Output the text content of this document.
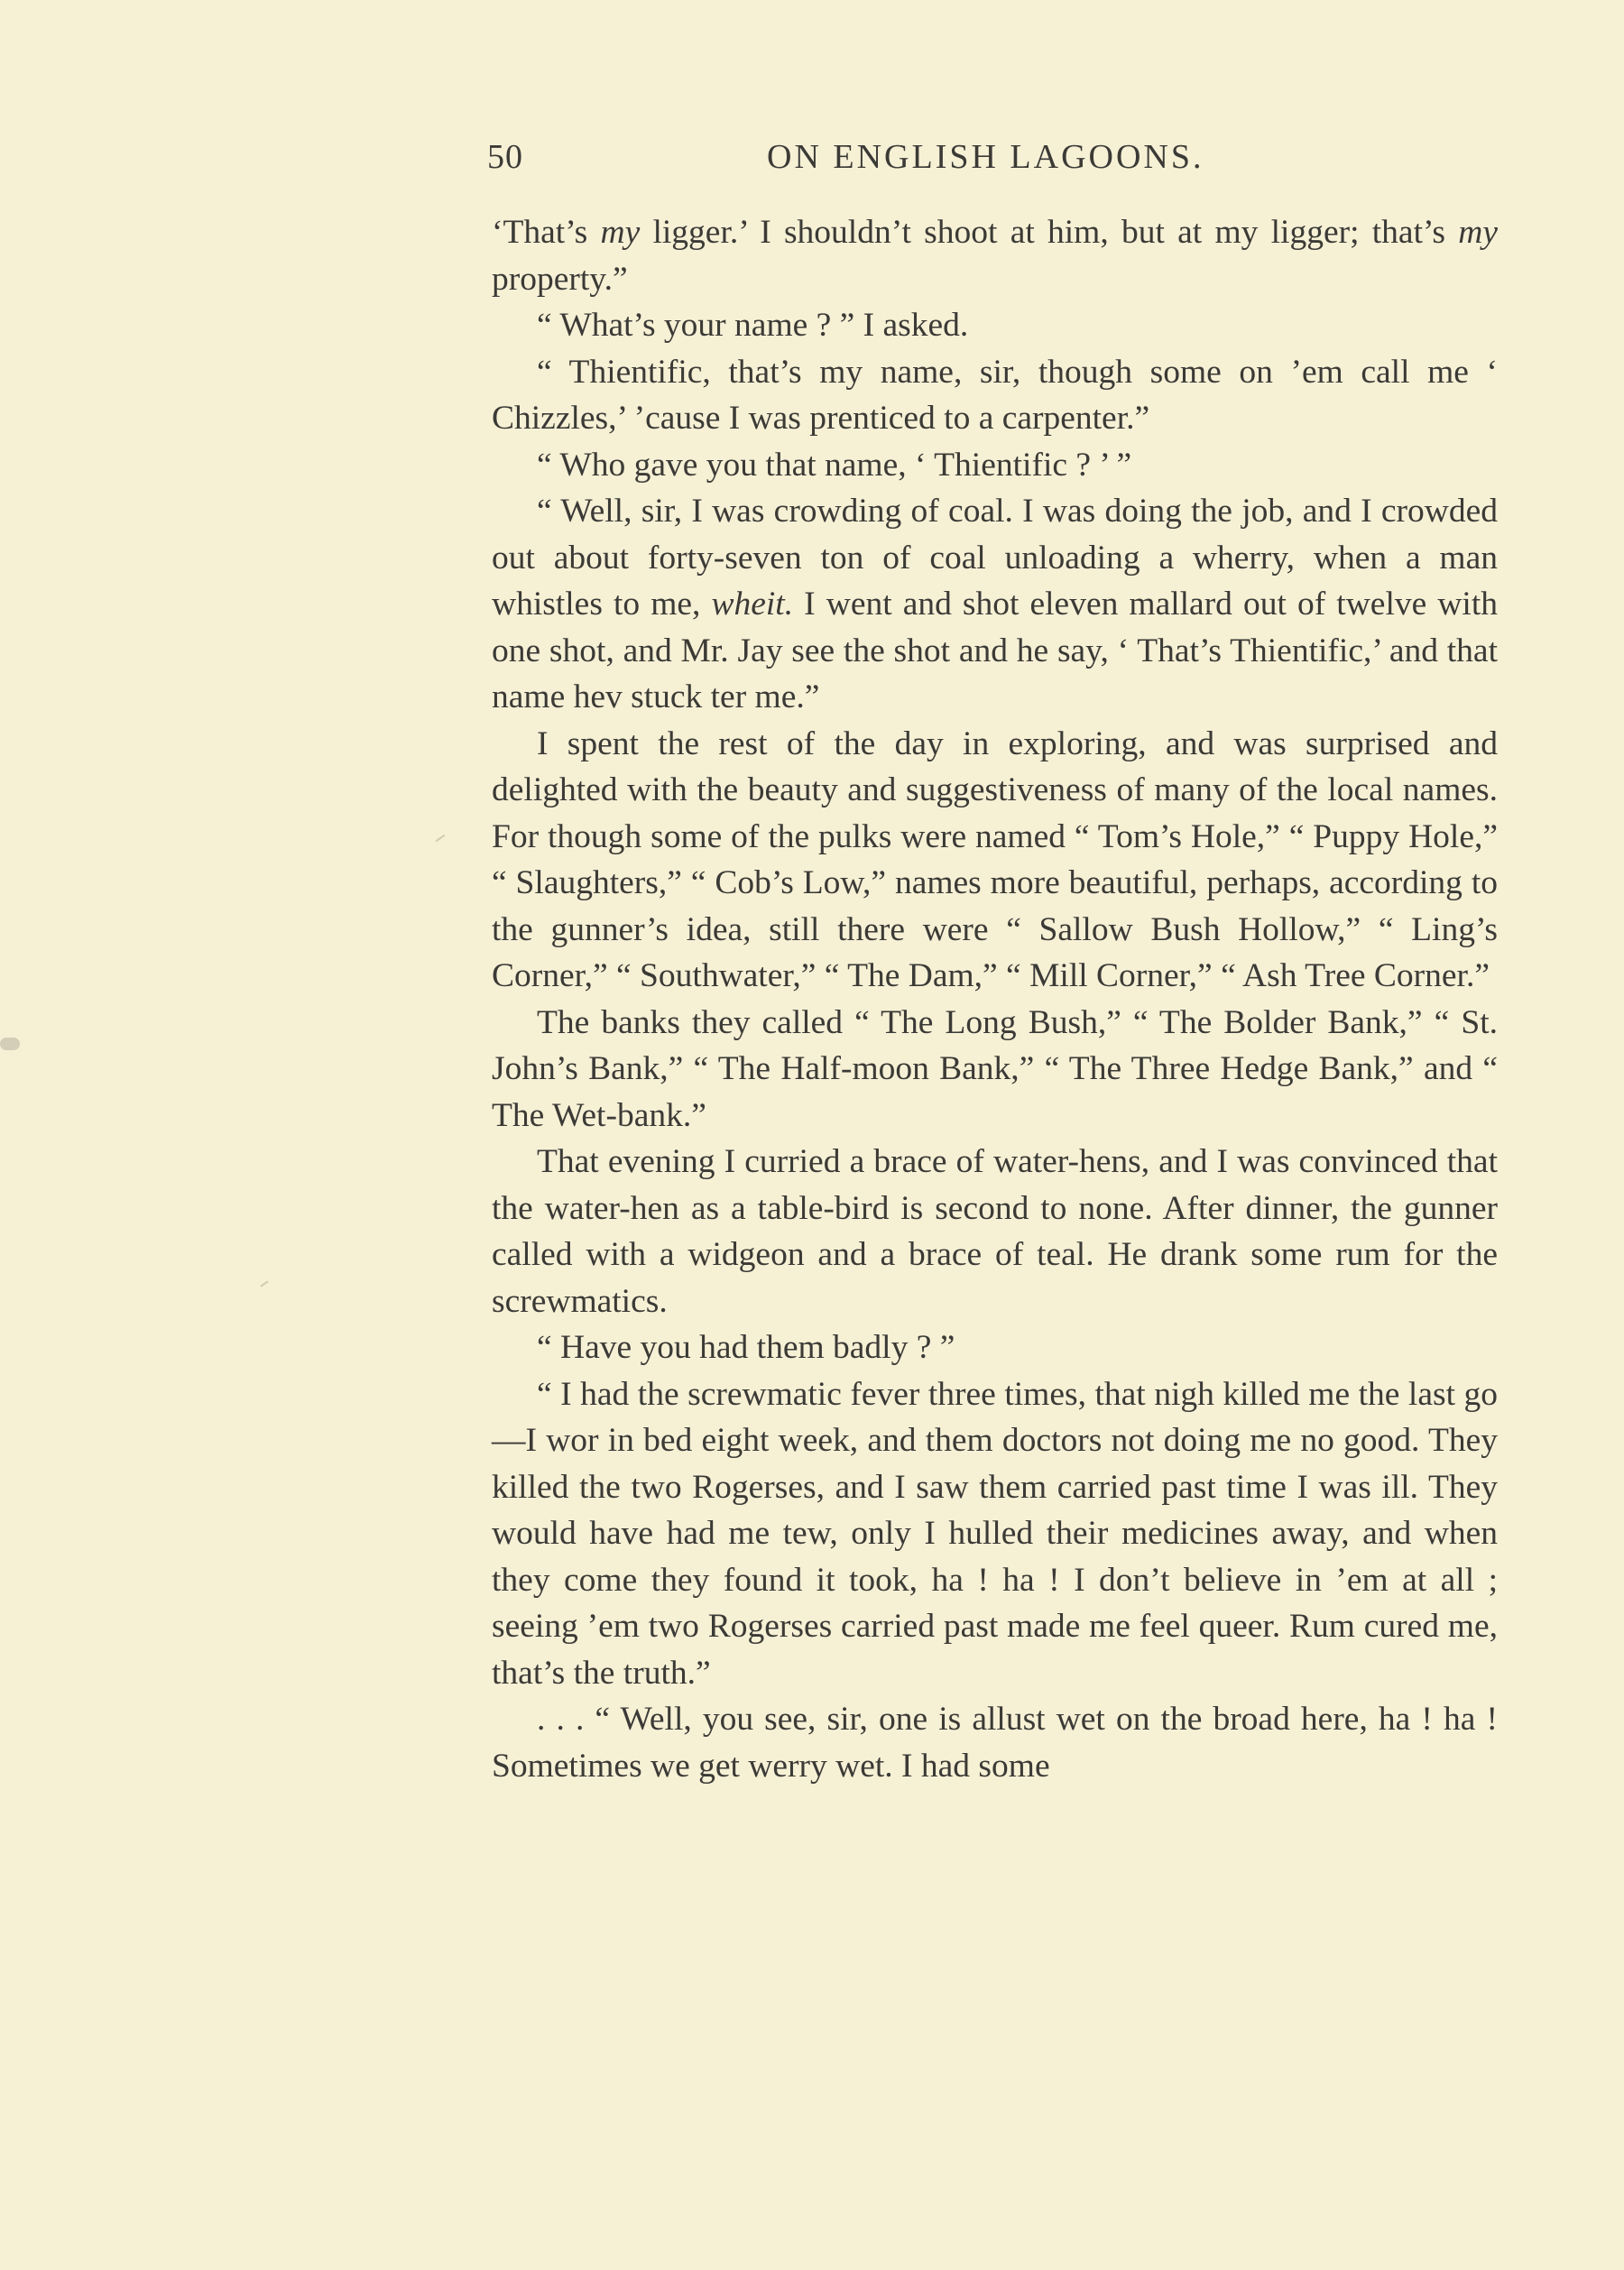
50	ON ENGLISH LAGOONS.

‘That’s my ligger.’ I shouldn’t shoot at him, but at my ligger; that’s my property.”

“ What’s your name ? ” I asked.

“ Thientific, that’s my name, sir, though some on ’em call me ‘ Chizzles,’ ’cause I was prenticed to a carpenter.”

“ Who gave you that name, ‘ Thientific ? ’ ”

“ Well, sir, I was crowding of coal. I was doing the job, and I crowded out about forty-seven ton of coal unloading a wherry, when a man whistles to me, wheit. I went and shot eleven mallard out of twelve with one shot, and Mr. Jay see the shot and he say, ‘ That’s Thientific,’ and that name hev stuck ter me.”

I spent the rest of the day in exploring, and was surprised and delighted with the beauty and suggestiveness of many of the local names. For though some of the pulks were named “ Tom’s Hole,” “ Puppy Hole,” “ Slaughters,” “ Cob’s Low,” names more beautiful, perhaps, according to the gunner’s idea, still there were “ Sallow Bush Hollow,” “ Ling’s Corner,” “ Southwater,” “ The Dam,” “ Mill Corner,” “ Ash Tree Corner.”

The banks they called “ The Long Bush,” “ The Bolder Bank,” “ St. John’s Bank,” “ The Half-moon Bank,” “ The Three Hedge Bank,” and “ The Wet-bank.”

That evening I curried a brace of water-hens, and I was convinced that the water-hen as a table-bird is second to none. After dinner, the gunner called with a widgeon and a brace of teal. He drank some rum for the screwmatics.

“ Have you had them badly ? ”

“ I had the screwmatic fever three times, that nigh killed me the last go—I wor in bed eight week, and them doctors not doing me no good. They killed the two Rogerses, and I saw them carried past time I was ill. They would have had me tew, only I hulled their medicines away, and when they come they found it took, ha ! ha ! I don’t believe in ’em at all ; seeing ’em two Rogerses carried past made me feel queer. Rum cured me, that’s the truth.”

. . . “ Well, you see, sir, one is allust wet on the broad here, ha ! ha ! Sometimes we get werry wet. I had some
